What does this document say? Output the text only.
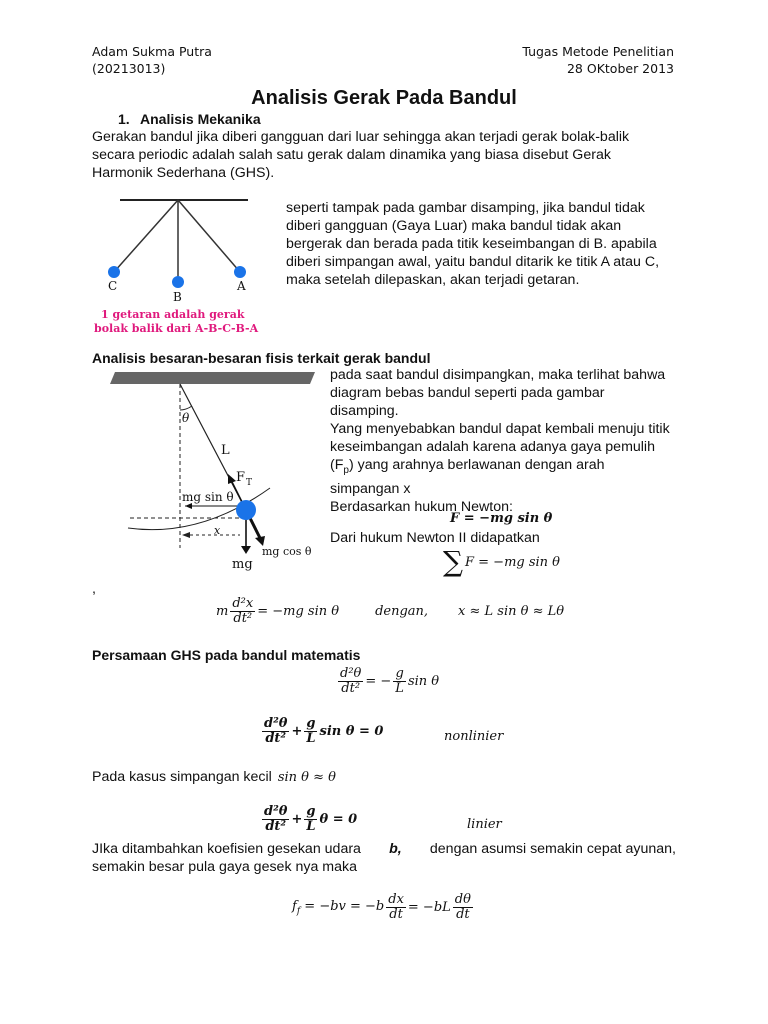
Adam Sukma Putra
(20213013)
Tugas Metode Penelitian
28 OKtober 2013
Analisis Gerak Pada Bandul
1. Analisis Mekanika
Gerakan bandul jika diberi gangguan dari luar sehingga akan terjadi gerak bolak-balik
secara periodic adalah salah satu gerak dalam dinamika yang biasa disebut Gerak
Harmonik Sederhana (GHS).
C
B
A
1 getaran adalah gerak
bolak balik dari A-B-C-B-A
seperti tampak pada gambar disamping, jika bandul tidak
diberi gangguan (Gaya Luar) maka bandul tidak akan
bergerak dan berada pada titik keseimbangan di B. apabila
diberi simpangan awal, yaitu bandul ditarik ke titik A atau C,
maka setelah dilepaskan, akan terjadi getaran.
Analisis besaran-besaran fisis terkait gerak bandul
θ
L
F T
mg sin θ
x
mg
mg cos θ
pada saat bandul disimpangkan, maka terlihat bahwa
diagram bebas bandul seperti pada gambar
disamping.
Yang menyebabkan bandul dapat kembali menuju titik
keseimbangan adalah karena adanya gaya pemulih
$(F_p)$ yang arahnya berlawanan dengan arah
simpangan x
Berdasarkan hukum Newton:
F = −mg sin θ
Dari hukum Newton II didapatkan
∑ F = −mg sin θ
,
m $\frac{\text{d²x}}{\text{dt²}} = -mg$ sin θ	dengan, x ≈ L sin θ ≈ Lθ
Persamaan GHS pada bandul matematis
$\frac{\text{d²θ}}{\text{dt²}}$ = − $\frac{g}{L}$ sin θ
$\frac{\text{d²θ}}{\text{dt²}} + \frac{g}{L}$ sin θ = 0	nonlinier
Pada kasus simpangan kecil sin θ ≈ θ
$\frac{\text{d²θ}}{\text{dt²}} + \frac{g}{L}$ θ = 0	linier
JIka ditambahkan koefisien gesekan udara b, dengan asumsi semakin cepat ayunan,
semakin besar pula gaya gesek nya maka
$f_f = -bv = -b \frac{dx}{dt} = -bL \frac{d\theta}{dt}$
